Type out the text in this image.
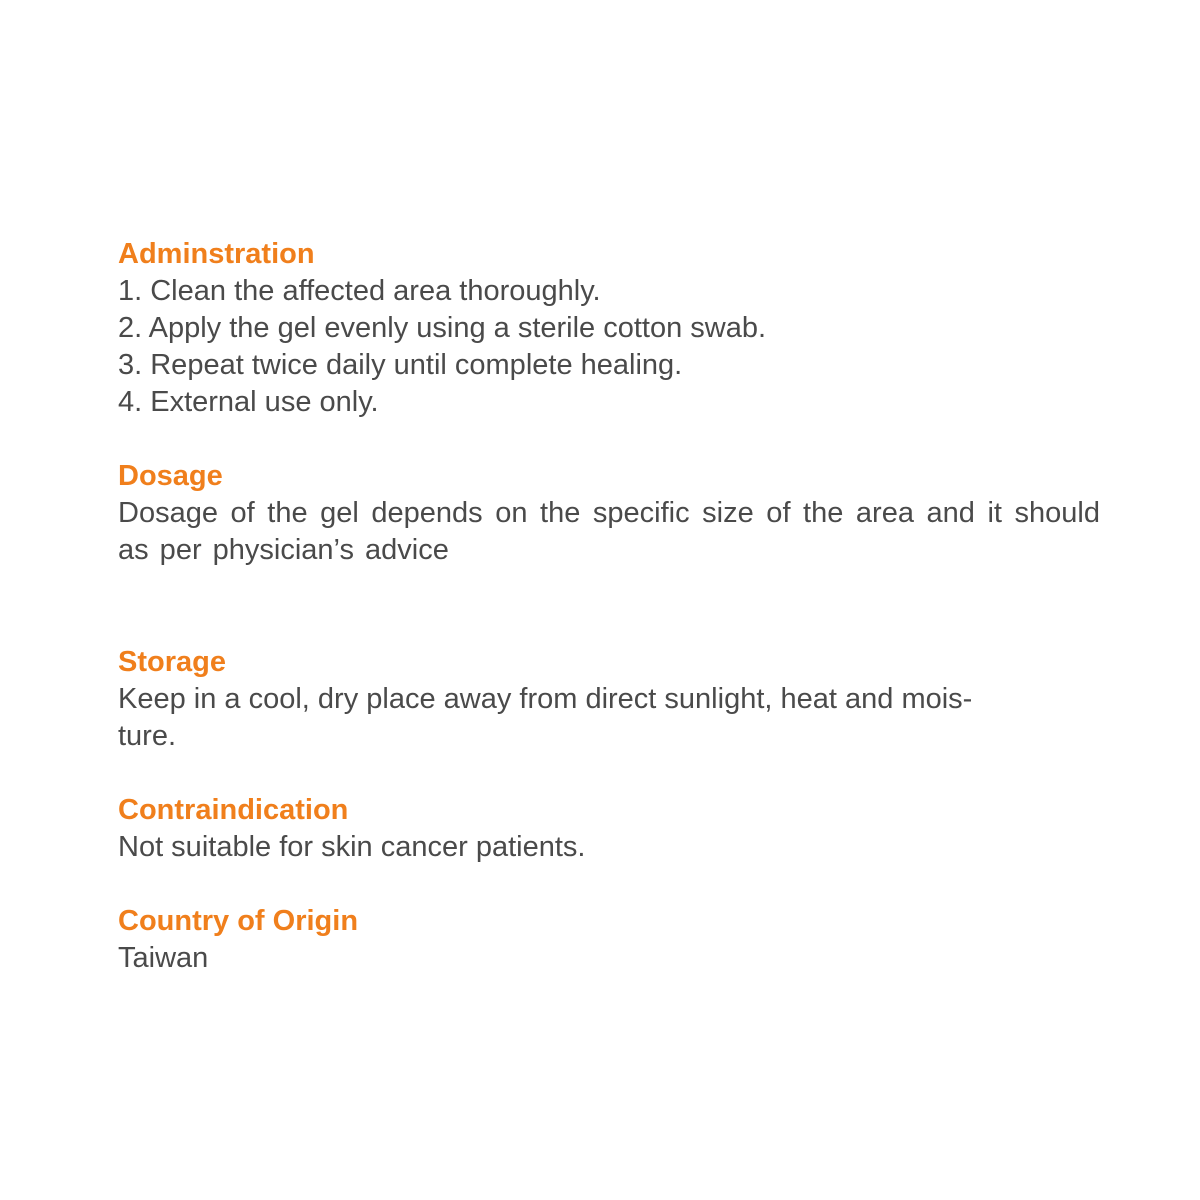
Adminstration
1. Clean the affected area thoroughly.
2. Apply the gel evenly using a sterile cotton swab.
3. Repeat twice daily until complete healing.
4. External use only.
Dosage

Dosage of the gel depends on the specific size of the area and it should as per physician’s advice

Storage

Keep in a cool, dry place away from direct sunlight, heat and mois-

ture.

Contraindication

Not suitable for skin cancer patients.

Country of Origin

Taiwan
